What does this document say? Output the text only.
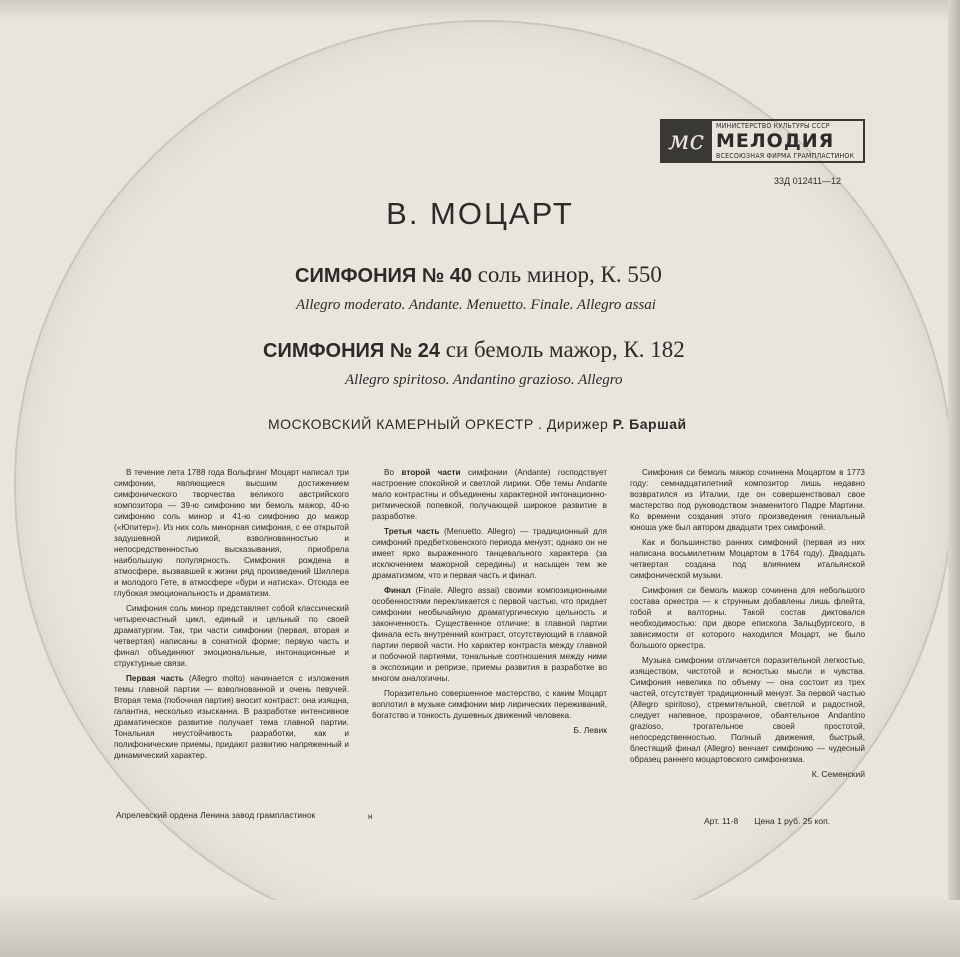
мс	МИНИСТЕРСТВО КУЛЬТУРЫ СССР
МЕЛОДИЯ
ВСЕСОЮЗНАЯ ФИРМА ГРАМПЛАСТИНОК
33Д 012411—12
В. МОЦАРТ
СИМФОНИЯ № 40 соль минор, К. 550
Allegro moderato. Andante. Menuetto. Finale. Allegro assai
СИМФОНИЯ № 24 си бемоль мажор, К. 182
Allegro spiritoso. Andantino grazioso. Allegro
МОСКОВСКИЙ КАМЕРНЫЙ ОРКЕСТР . Дирижер Р. Баршай

В течение лета 1788 года Вольфганг Моцарт написал три симфонии, являющиеся высшим достижением симфонического творчества великого австрийского композитора — 39-ю симфонию ми бемоль мажор, 40-ю симфонию соль минор и 41-ю симфонию до мажор («Юпитер»). Из них соль минорная симфония, с ее открытой задушевной лирикой, взволнованностью и непосредственностью высказывания, приобрела наибольшую популярность. Симфония рождена в атмосфере, вызвавшей к жизни ряд произведений Шиллера и молодого Гете, в атмосфере «бури и натиска». Отсюда ее глубокая эмоциональность и драматизм.

Симфония соль минор представляет собой классический четырехчастный цикл, единый и цельный по своей драматургии. Так, три части симфонии (первая, вторая и четвертая) написаны в сонатной форме; первую часть и финал объединяют эмоциональные, интонационные и структурные связи.

Первая часть (Allegro molto) начинается с изложения темы главной партии — взволнованной и очень певучей. Вторая тема (побочная партия) вносит контраст: она изящна, галантна, несколько изысканна. В разработке интенсивное драматическое развитие получает тема главной партии. Тональная неустойчивость разработки, как и полифонические приемы, придают развитию напряженный и динамический характер.

Во второй части симфонии (Andante) господствует настроение спокойной и светлой лирики. Обе темы Andante мало контрастны и объединены характерной интонационно-ритмической попевкой, получающей широкое развитие в разработке.

Третья часть (Menuetto. Allegro) — традиционный для симфоний предбетховенского периода менуэт; однако он не имеет ярко выраженного танцевального характера (за исключением мажорной середины) и насыщен тем же драматизмом, что и первая часть и финал.

Финал (Finale. Allegro assai) своими композиционными особенностями перекликается с первой частью, что придает симфонии необычайную драматургическую цельность и законченность. Существенное отличие: в главной партии финала есть внутренний контраст, отсутствующий в главной партии первой части. Но характер контраста между главной и побочной партиями, тональные соотношения между ними в экспозиции и репризе, приемы развития в разработке во многом аналогичны.

Поразительно совершенное мастерство, с каким Моцарт воплотил в музыке симфонии мир лирических переживаний, богатство и тонкость душевных движений человека.

Б. Левик

Симфония си бемоль мажор сочинена Моцартом в 1773 году: семнадцатилетний композитор лишь недавно возвратился из Италии, где он совершенствовал свое мастерство под руководством знаменитого Падре Мартини. Ко времени создания этого произведения гениальный юноша уже был автором двадцати трех симфоний.

Как и большинство ранних симфоний (первая из них написана восьмилетним Моцартом в 1764 году). Двадцать четвертая создана под влиянием итальянской симфонической музыки.

Симфония си бемоль мажор сочинена для небольшого состава оркестра — к струнным добавлены лишь флейта, гобой и валторны. Такой состав диктовался необходимостью: при дворе епископа Зальцбургского, в зависимости от которого находился Моцарт, не было большого оркестра.

Музыка симфонии отличается поразительной легкостью, изяществом, чистотой и ясностью мысли и чувства. Симфония невелика по объему — она состоит из трех частей, отсутствует традиционный менуэт. За первой частью (Allegro spiritoso), стремительной, светлой и радостной, следует напевное, прозрачное, обаятельное Andantino grazioso, трогательное своей простотой, непосредственностью. Полный движения, быстрый, блестящий финал (Allegro) венчает симфонию — чудесный образец раннего моцартовского симфонизма.

К. Семенский
Апрелевский ордена Ленина завод грампластинок	н	Арт. 11-8 Цена 1 руб. 25 коп.
